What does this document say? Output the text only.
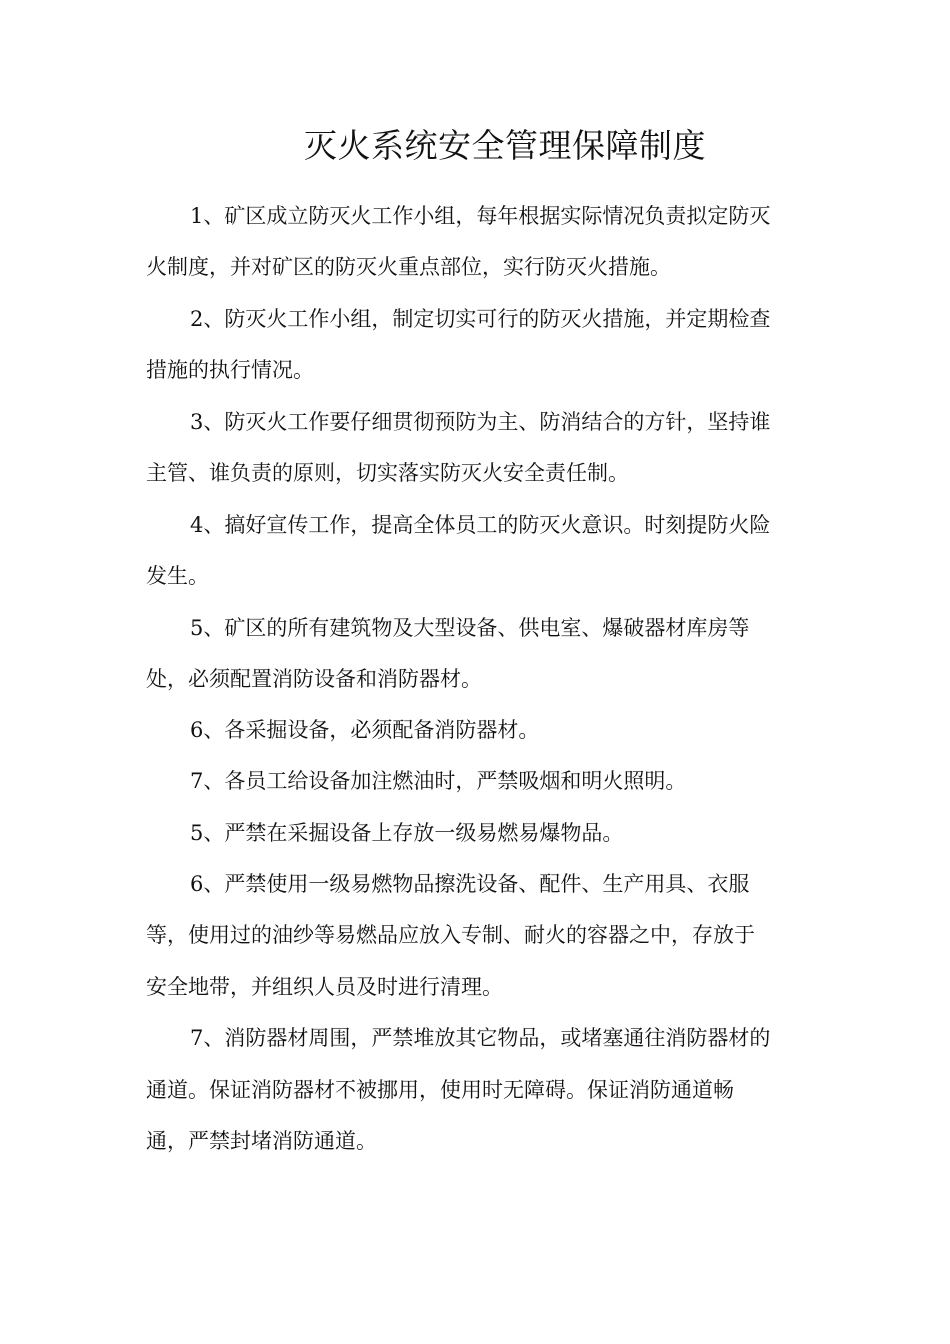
灭火系统安全管理保障制度
1、矿区成立防灭火工作小组，每年根据实际情况负责拟定防灭
火制度，并对矿区的防灭火重点部位，实行防灭火措施。
2、防灭火工作小组，制定切实可行的防灭火措施，并定期检查
措施的执行情况。
3、防灭火工作要仔细贯彻预防为主、防消结合的方针，坚持谁
主管、谁负责的原则，切实落实防灭火安全责任制。
4、搞好宣传工作，提高全体员工的防灭火意识。时刻提防火险
发生。
5、矿区的所有建筑物及大型设备、供电室、爆破器材库房等
处，必须配置消防设备和消防器材。
6、各采掘设备，必须配备消防器材。
7、各员工给设备加注燃油时，严禁吸烟和明火照明。
5、严禁在采掘设备上存放一级易燃易爆物品。
6、严禁使用一级易燃物品擦洗设备、配件、生产用具、衣服
等，使用过的油纱等易燃品应放入专制、耐火的容器之中，存放于
安全地带，并组织人员及时进行清理。
7、消防器材周围，严禁堆放其它物品，或堵塞通往消防器材的
通道。保证消防器材不被挪用，使用时无障碍。保证消防通道畅
通，严禁封堵消防通道。
